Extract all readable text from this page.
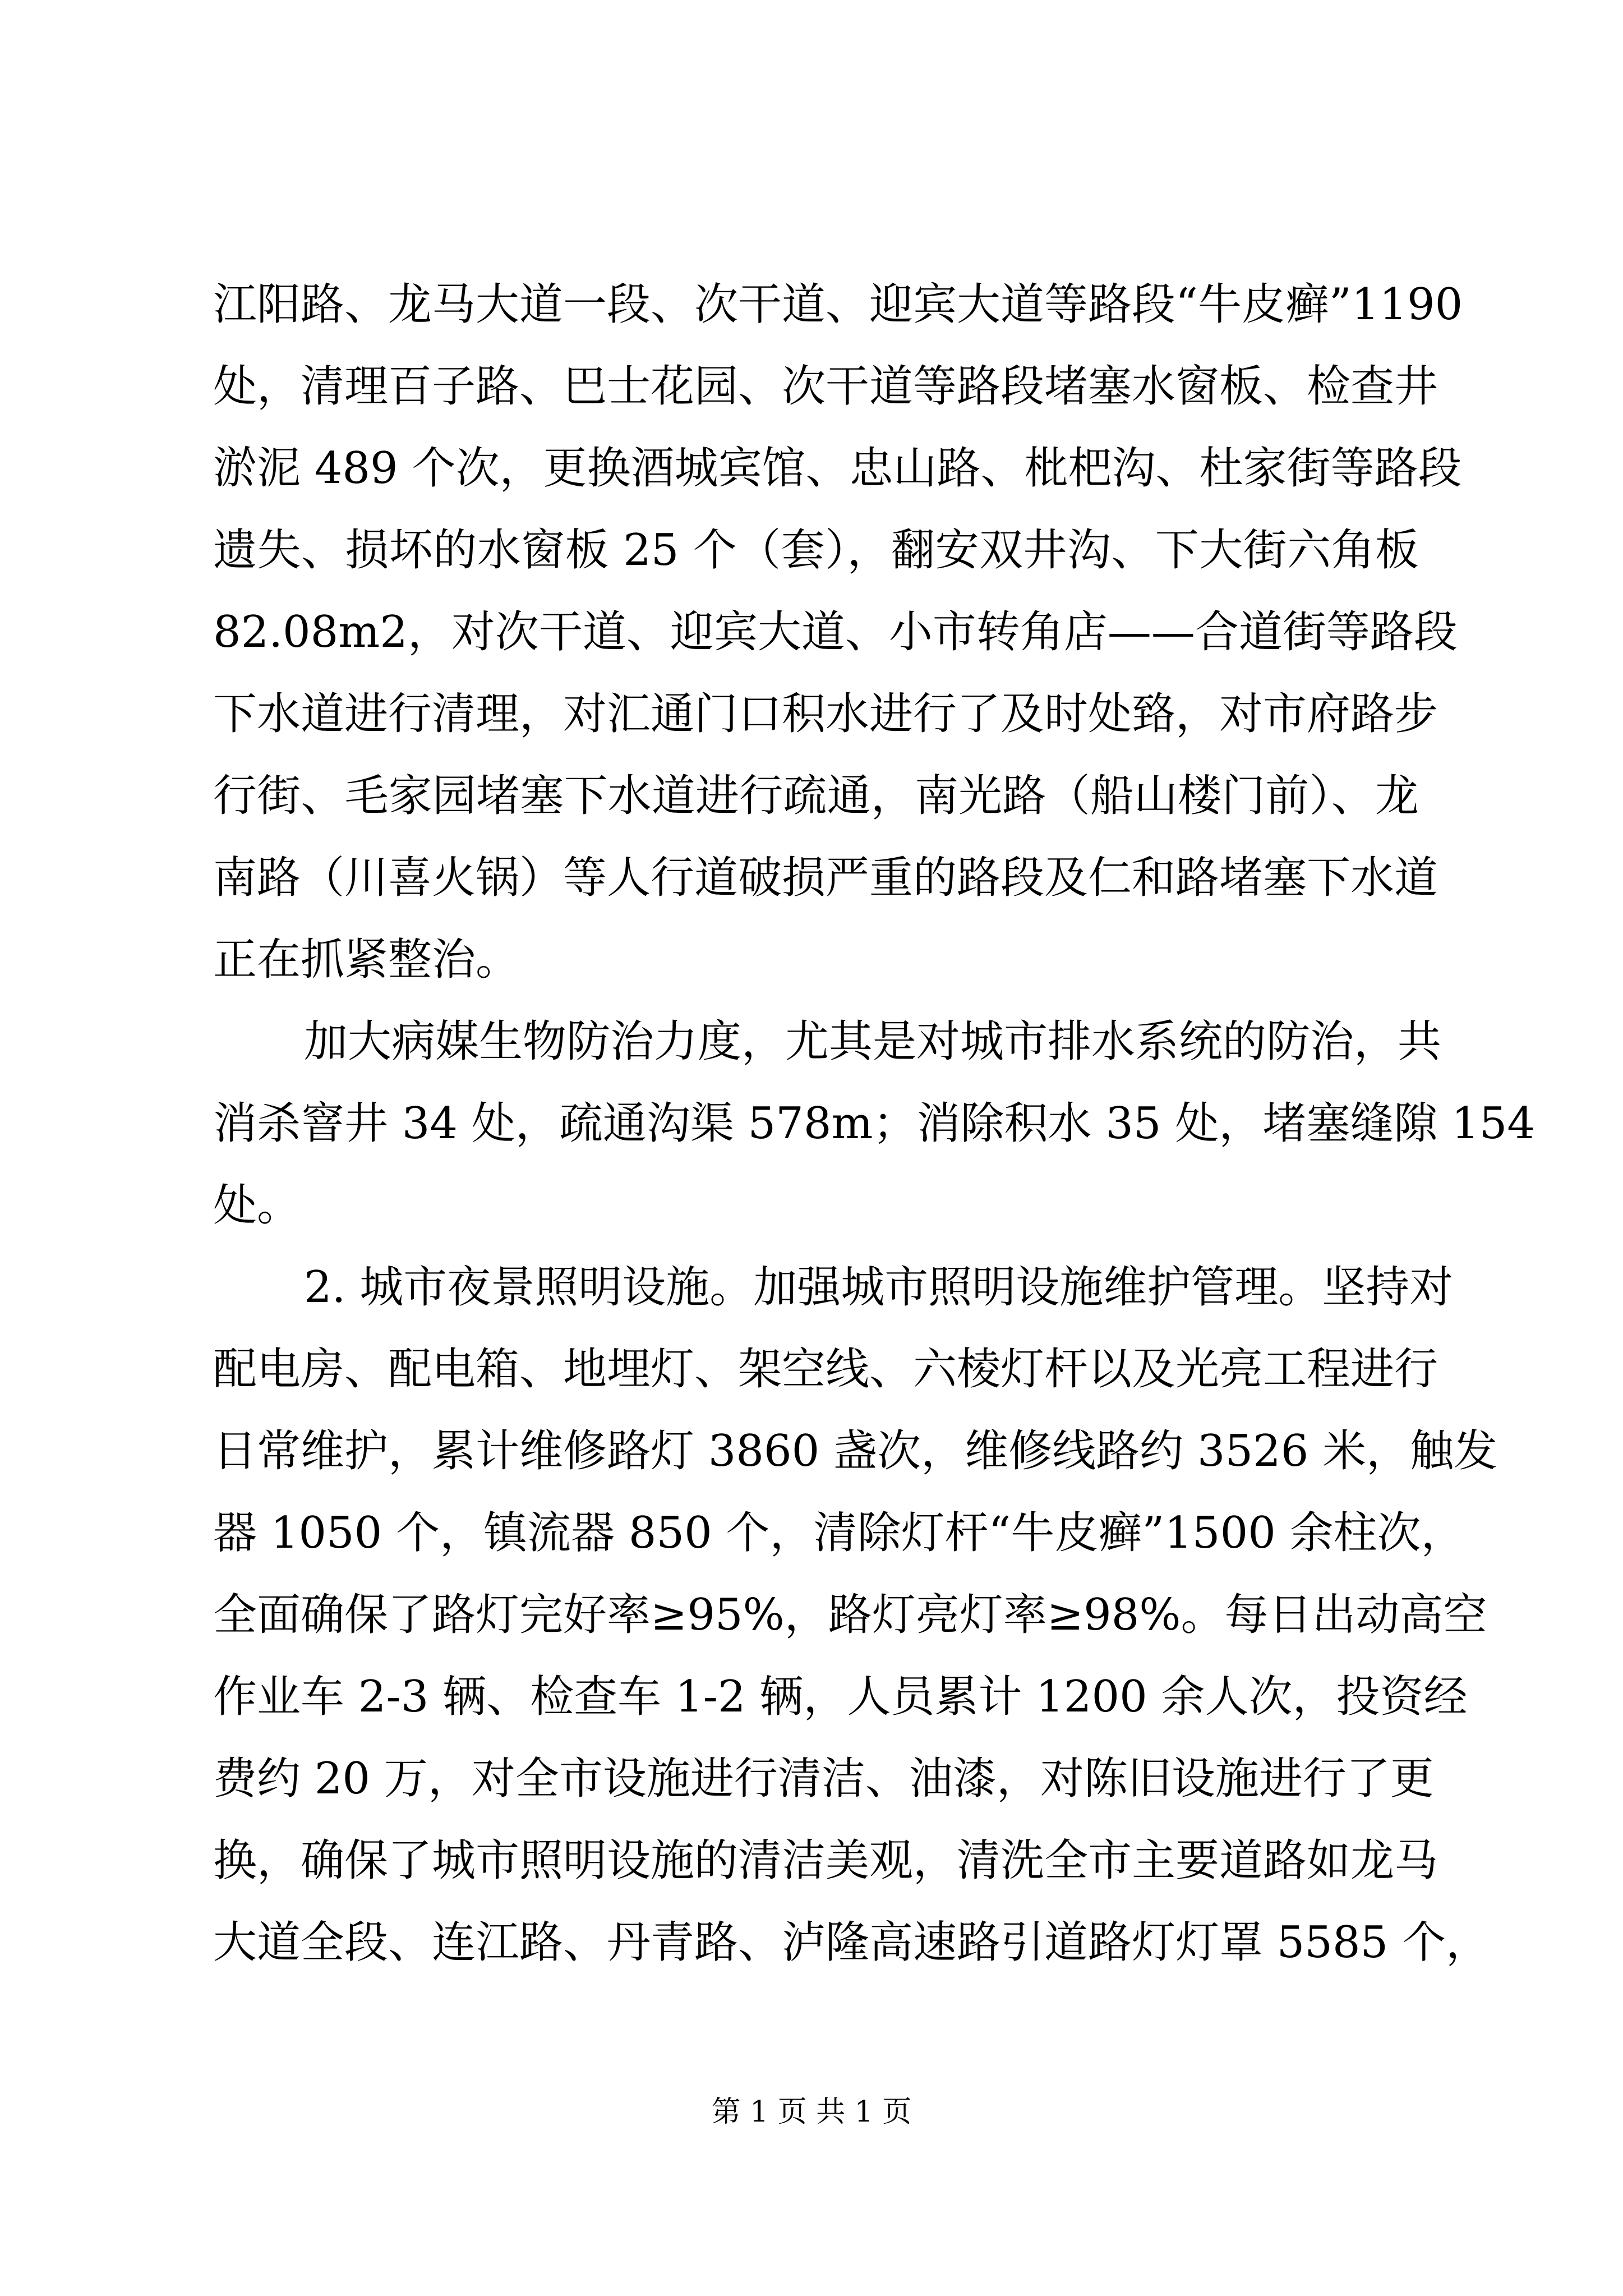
江阳路、龙马大道一段、次干道、迎宾大道等路段“牛皮癣”1190
处，清理百子路、巴士花园、次干道等路段堵塞水窗板、检查井
淤泥 489 个次，更换酒城宾馆、忠山路、枇杷沟、杜家街等路段
遗失、损坏的水窗板 25 个（套），翻安双井沟、下大街六角板
82.08m2，对次干道、迎宾大道、小市转角店——合道街等路段
下水道进行清理，对汇通门口积水进行了及时处臵，对市府路步
行街、毛家园堵塞下水道进行疏通，南光路（船山楼门前）、龙
南路（川喜火锅）等人行道破损严重的路段及仁和路堵塞下水道
正在抓紧整治。

加大病媒生物防治力度，尤其是对城市排水系统的防治，共
消杀窨井 34 处，疏通沟渠 578m；消除积水 35 处，堵塞缝隙 154
处。

2. 城市夜景照明设施。加强城市照明设施维护管理。坚持对
配电房、配电箱、地埋灯、架空线、六棱灯杆以及光亮工程进行
日常维护，累计维修路灯 3860 盏次，维修线路约 3526 米，触发
器 1050 个，镇流器 850 个，清除灯杆“牛皮癣”1500 余柱次，
全面确保了路灯完好率≥95%，路灯亮灯率≥98%。每日出动高空
作业车 2-3 辆、检查车 1-2 辆，人员累计 1200 余人次，投资经
费约 20 万，对全市设施进行清洁、油漆，对陈旧设施进行了更
换，确保了城市照明设施的清洁美观，清洗全市主要道路如龙马
大道全段、连江路、丹青路、泸隆高速路引道路灯灯罩 5585 个，

第 1 页 共 1 页
